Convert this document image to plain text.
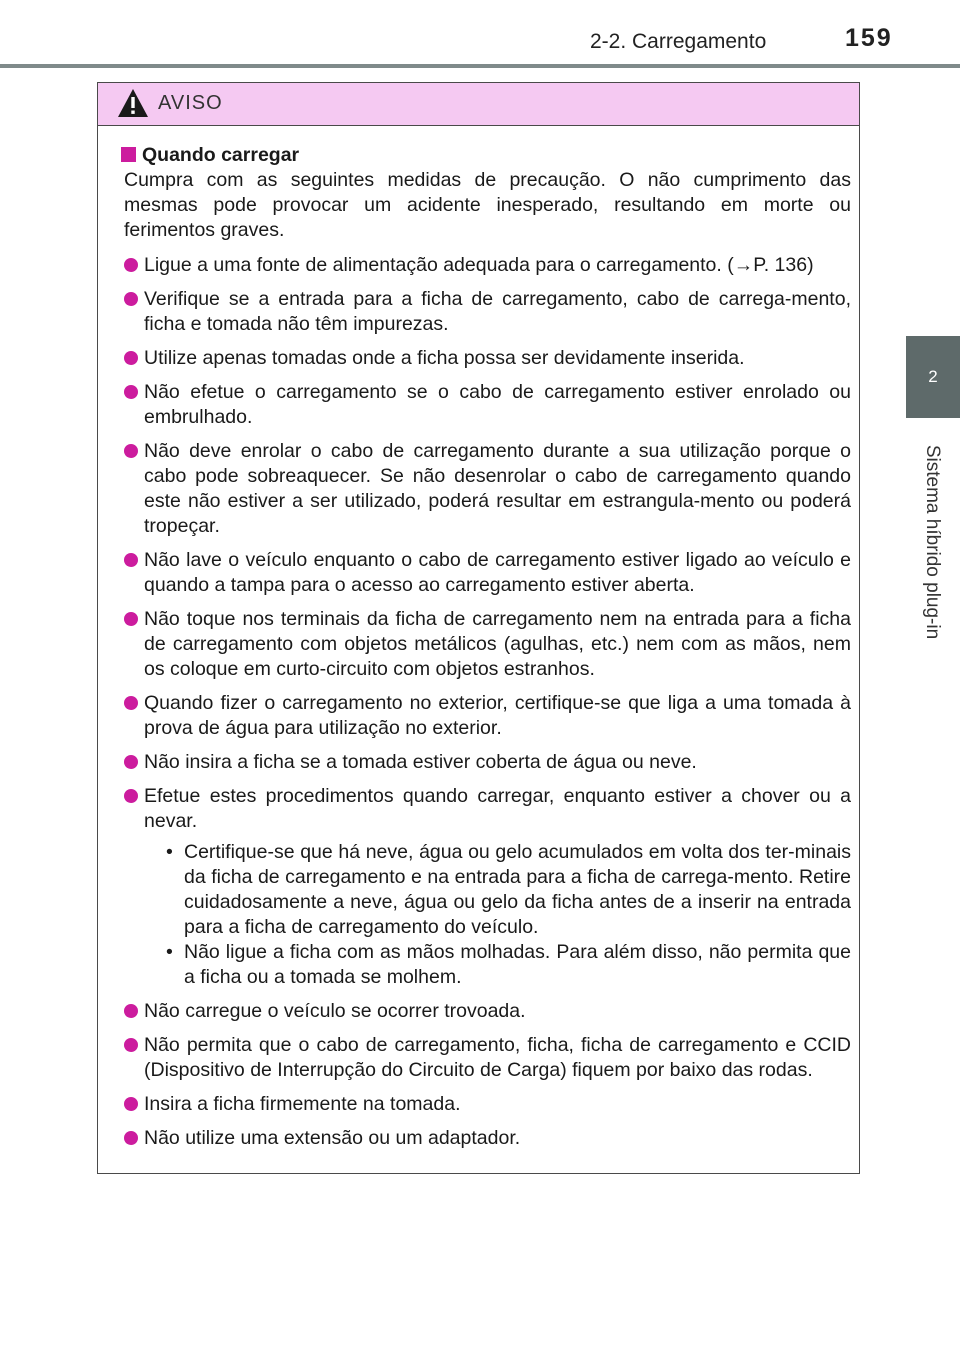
2-2. Carregamento	159
2
Sistema híbrido plug-in
AVISO
Quando carregar
Cumpra com as seguintes medidas de precaução. O não cumprimento das mesmas pode provocar um acidente inesperado, resultando em morte ou ferimentos graves.
Ligue a uma fonte de alimentação adequada para o carregamento. (→P. 136)
Verifique se a entrada para a ficha de carregamento, cabo de carrega-mento, ficha e tomada não têm impurezas.
Utilize apenas tomadas onde a ficha possa ser devidamente inserida.
Não efetue o carregamento se o cabo de carregamento estiver enrolado ou embrulhado.
Não deve enrolar o cabo de carregamento durante a sua utilização porque o cabo pode sobreaquecer. Se não desenrolar o cabo de carregamento quando este não estiver a ser utilizado, poderá resultar em estrangula-mento ou poderá tropeçar.
Não lave o veículo enquanto o cabo de carregamento estiver ligado ao veículo e quando a tampa para o acesso ao carregamento estiver aberta.
Não toque nos terminais da ficha de carregamento nem na entrada para a ficha de carregamento com objetos metálicos (agulhas, etc.) nem com as mãos, nem os coloque em curto-circuito com objetos estranhos.
Quando fizer o carregamento no exterior, certifique-se que liga a uma tomada à prova de água para utilização no exterior.
Não insira a ficha se a tomada estiver coberta de água ou neve.
Efetue estes procedimentos quando carregar, enquanto estiver a chover ou a nevar.
• Certifique-se que há neve, água ou gelo acumulados em volta dos ter-minais da ficha de carregamento e na entrada para a ficha de carrega-mento. Retire cuidadosamente a neve, água ou gelo da ficha antes de a inserir na entrada para a ficha de carregamento do veículo.
• Não ligue a ficha com as mãos molhadas. Para além disso, não permita que a ficha ou a tomada se molhem.
Não carregue o veículo se ocorrer trovoada.
Não permita que o cabo de carregamento, ficha, ficha de carregamento e CCID (Dispositivo de Interrupção do Circuito de Carga) fiquem por baixo das rodas.
Insira a ficha firmemente na tomada.
Não utilize uma extensão ou um adaptador.
